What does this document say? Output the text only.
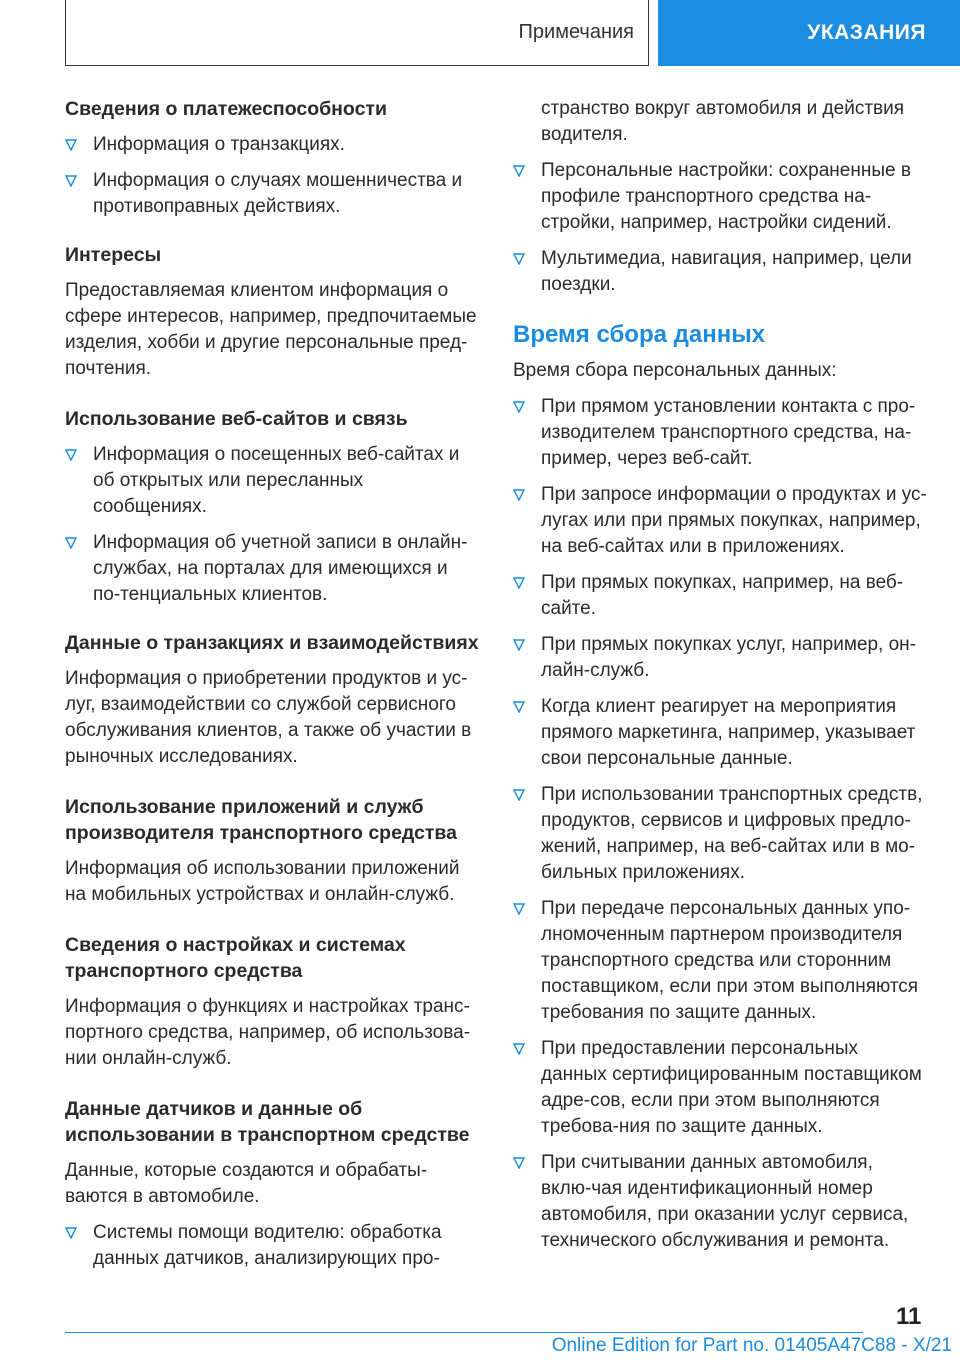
Примечания	УКАЗАНИЯ
Сведения о платежеспособности
Информация о транзакциях.
Информация о случаях мошенничества и противоправных действиях.
Интересы
Предоставляемая клиентом информация о сфере интересов, например, предпочитаемые изделия, хобби и другие персональные пред-почтения.
Использование веб-сайтов и связь
Информация о посещенных веб-сайтах и об открытых или пересланных сообщениях.
Информация об учетной записи в онлайн-службах, на порталах для имеющихся и по-тенциальных клиентов.
Данные о транзакциях и взаимодействиях
Информация о приобретении продуктов и ус-луг, взаимодействии со службой сервисного обслуживания клиентов, а также об участии в рыночных исследованиях.
Использование приложений и служб производителя транспортного средства
Информация об использовании приложений на мобильных устройствах и онлайн-служб.
Сведения о настройках и системах транспортного средства
Информация о функциях и настройках транс-портного средства, например, об использова-нии онлайн-служб.
Данные датчиков и данные об использовании в транспортном средстве
Данные, которые создаются и обрабаты-ваются в автомобиле.
Системы помощи водителю: обработка данных датчиков, анализирующих про-
странство вокруг автомобиля и действия водителя.
Персональные настройки: сохраненные в профиле транспортного средства на-стройки, например, настройки сидений.
Мультимедиа, навигация, например, цели поездки.
Время сбора данных
Время сбора персональных данных:
При прямом установлении контакта с про-изводителем транспортного средства, на-пример, через веб-сайт.
При запросе информации о продуктах и ус-лугах или при прямых покупках, например, на веб-сайтах или в приложениях.
При прямых покупках, например, на веб-сайте.
При прямых покупках услуг, например, он-лайн-служб.
Когда клиент реагирует на мероприятия прямого маркетинга, например, указывает свои персональные данные.
При использовании транспортных средств, продуктов, сервисов и цифровых предло-жений, например, на веб-сайтах или в мо-бильных приложениях.
При передаче персональных данных упо-лномоченным партнером производителя транспортного средства или сторонним поставщиком, если при этом выполняются требования по защите данных.
При предоставлении персональных данных сертифицированным поставщиком адре-сов, если при этом выполняются требова-ния по защите данных.
При считывании данных автомобиля, вклю-чая идентификационный номер автомобиля, при оказании услуг сервиса, технического обслуживания и ремонта.
11
Online Edition for Part no. 01405A47C88 - X/21
